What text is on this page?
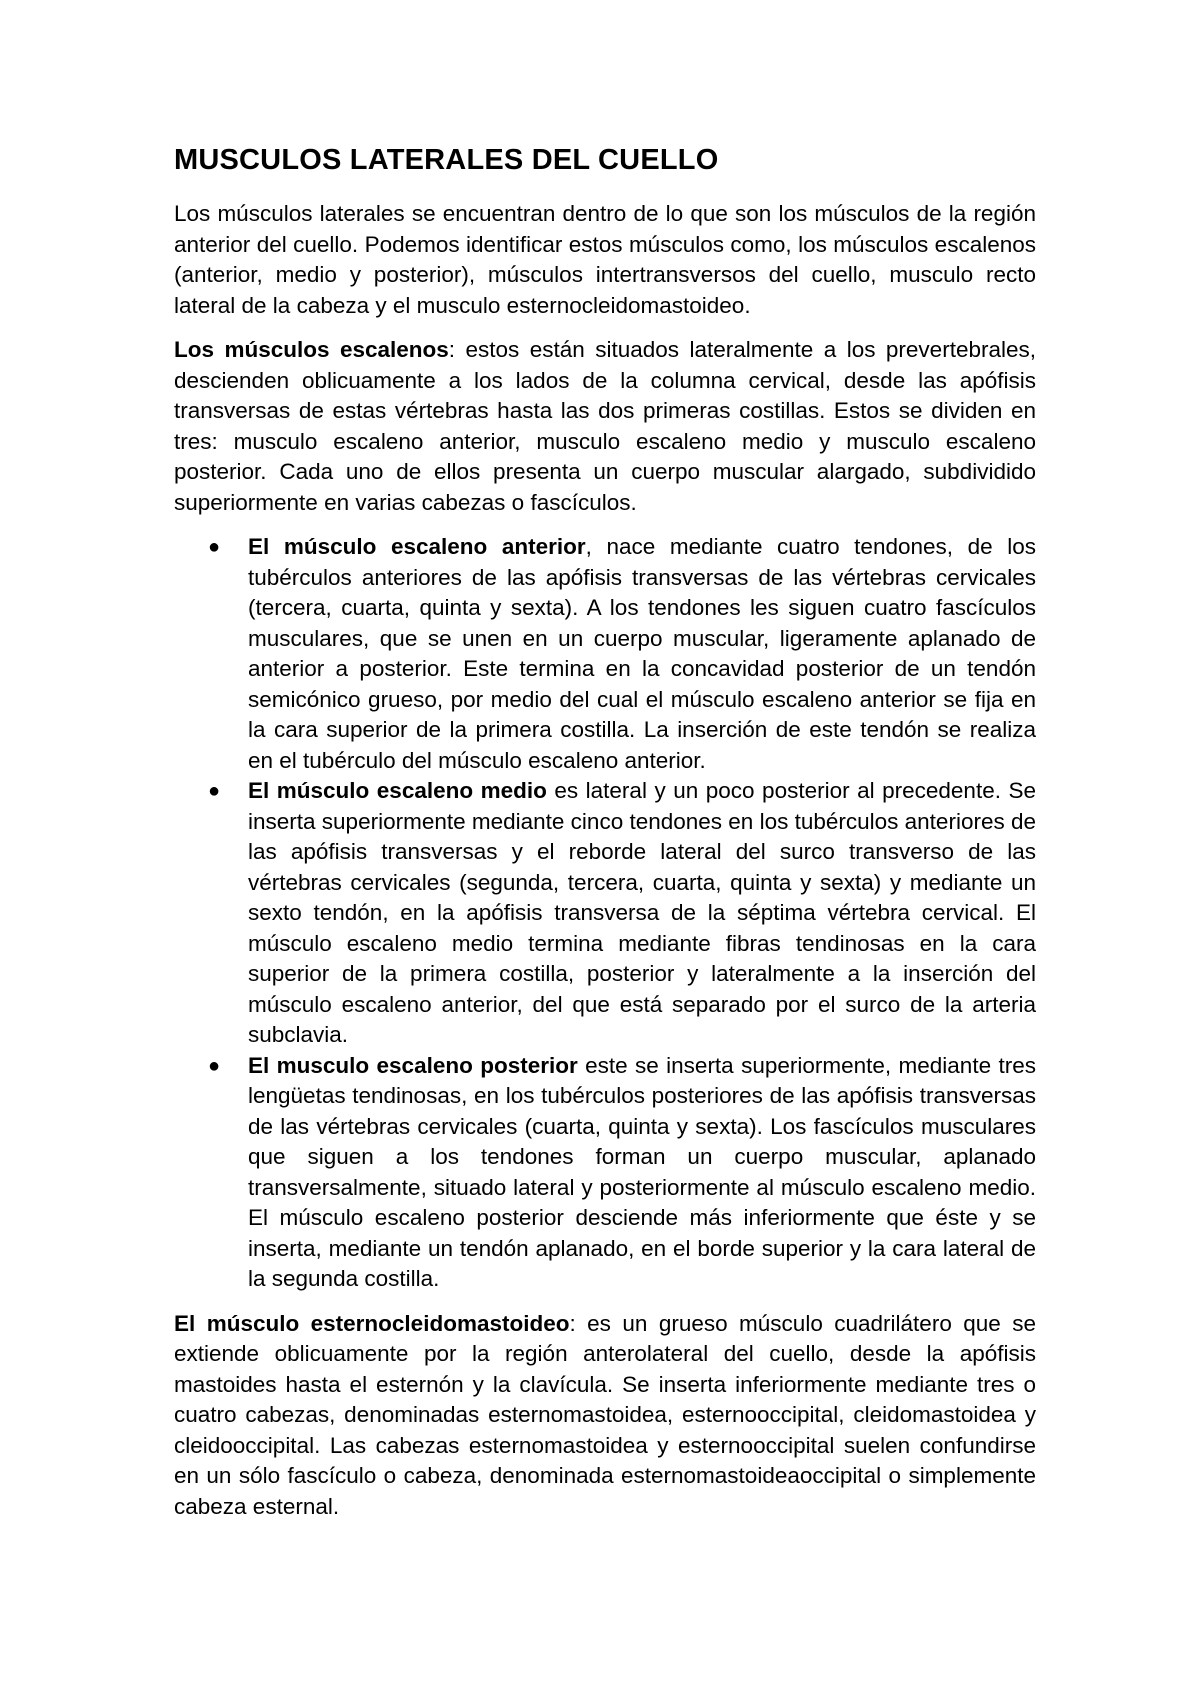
MUSCULOS LATERALES DEL CUELLO

Los músculos laterales se encuentran dentro de lo que son los músculos de la región anterior del cuello. Podemos identificar estos músculos como, los músculos escalenos (anterior, medio y posterior), músculos intertransversos del cuello, musculo recto lateral de la cabeza y el musculo esternocleidomastoideo.

Los músculos escalenos: estos están situados lateralmente a los prevertebrales, descienden oblicuamente a los lados de la columna cervical, desde las apófisis transversas de estas vértebras hasta las dos primeras costillas. Estos se dividen en tres: musculo escaleno anterior, musculo escaleno medio y musculo escaleno posterior. Cada uno de ellos presenta un cuerpo muscular alargado, subdividido superiormente en varias cabezas o fascículos.

● El músculo escaleno anterior, nace mediante cuatro tendones, de los tubérculos anteriores de las apófisis transversas de las vértebras cervicales (tercera, cuarta, quinta y sexta). A los tendones les siguen cuatro fascículos musculares, que se unen en un cuerpo muscular, ligeramente aplanado de anterior a posterior. Este termina en la concavidad posterior de un tendón semicónico grueso, por medio del cual el músculo escaleno anterior se fija en la cara superior de la primera costilla. La inserción de este tendón se realiza en el tubérculo del músculo escaleno anterior.
● El músculo escaleno medio es lateral y un poco posterior al precedente. Se inserta superiormente mediante cinco tendones en los tubérculos anteriores de las apófisis transversas y el reborde lateral del surco transverso de las vértebras cervicales (segunda, tercera, cuarta, quinta y sexta) y mediante un sexto tendón, en la apófisis transversa de la séptima vértebra cervical. El músculo escaleno medio termina mediante fibras tendinosas en la cara superior de la primera costilla, posterior y lateralmente a la inserción del músculo escaleno anterior, del que está separado por el surco de la arteria subclavia.
● El musculo escaleno posterior este se inserta superiormente, mediante tres lengüetas tendinosas, en los tubérculos posteriores de las apófisis transversas de las vértebras cervicales (cuarta, quinta y sexta). Los fascículos musculares que siguen a los tendones forman un cuerpo muscular, aplanado transversalmente, situado lateral y posteriormente al músculo escaleno medio. El músculo escaleno posterior desciende más inferiormente que éste y se inserta, mediante un tendón aplanado, en el borde superior y la cara lateral de la segunda costilla.

El músculo esternocleidomastoideo: es un grueso músculo cuadrilátero que se extiende oblicuamente por la región anterolateral del cuello, desde la apófisis mastoides hasta el esternón y la clavícula. Se inserta inferiormente mediante tres o cuatro cabezas, denominadas esternomastoidea, esternooccipital, cleidomastoidea y cleidooccipital. Las cabezas esternomastoidea y esternooccipital suelen confundirse en un sólo fascículo o cabeza, denominada esternomastoideaoccipital o simplemente cabeza esternal.
